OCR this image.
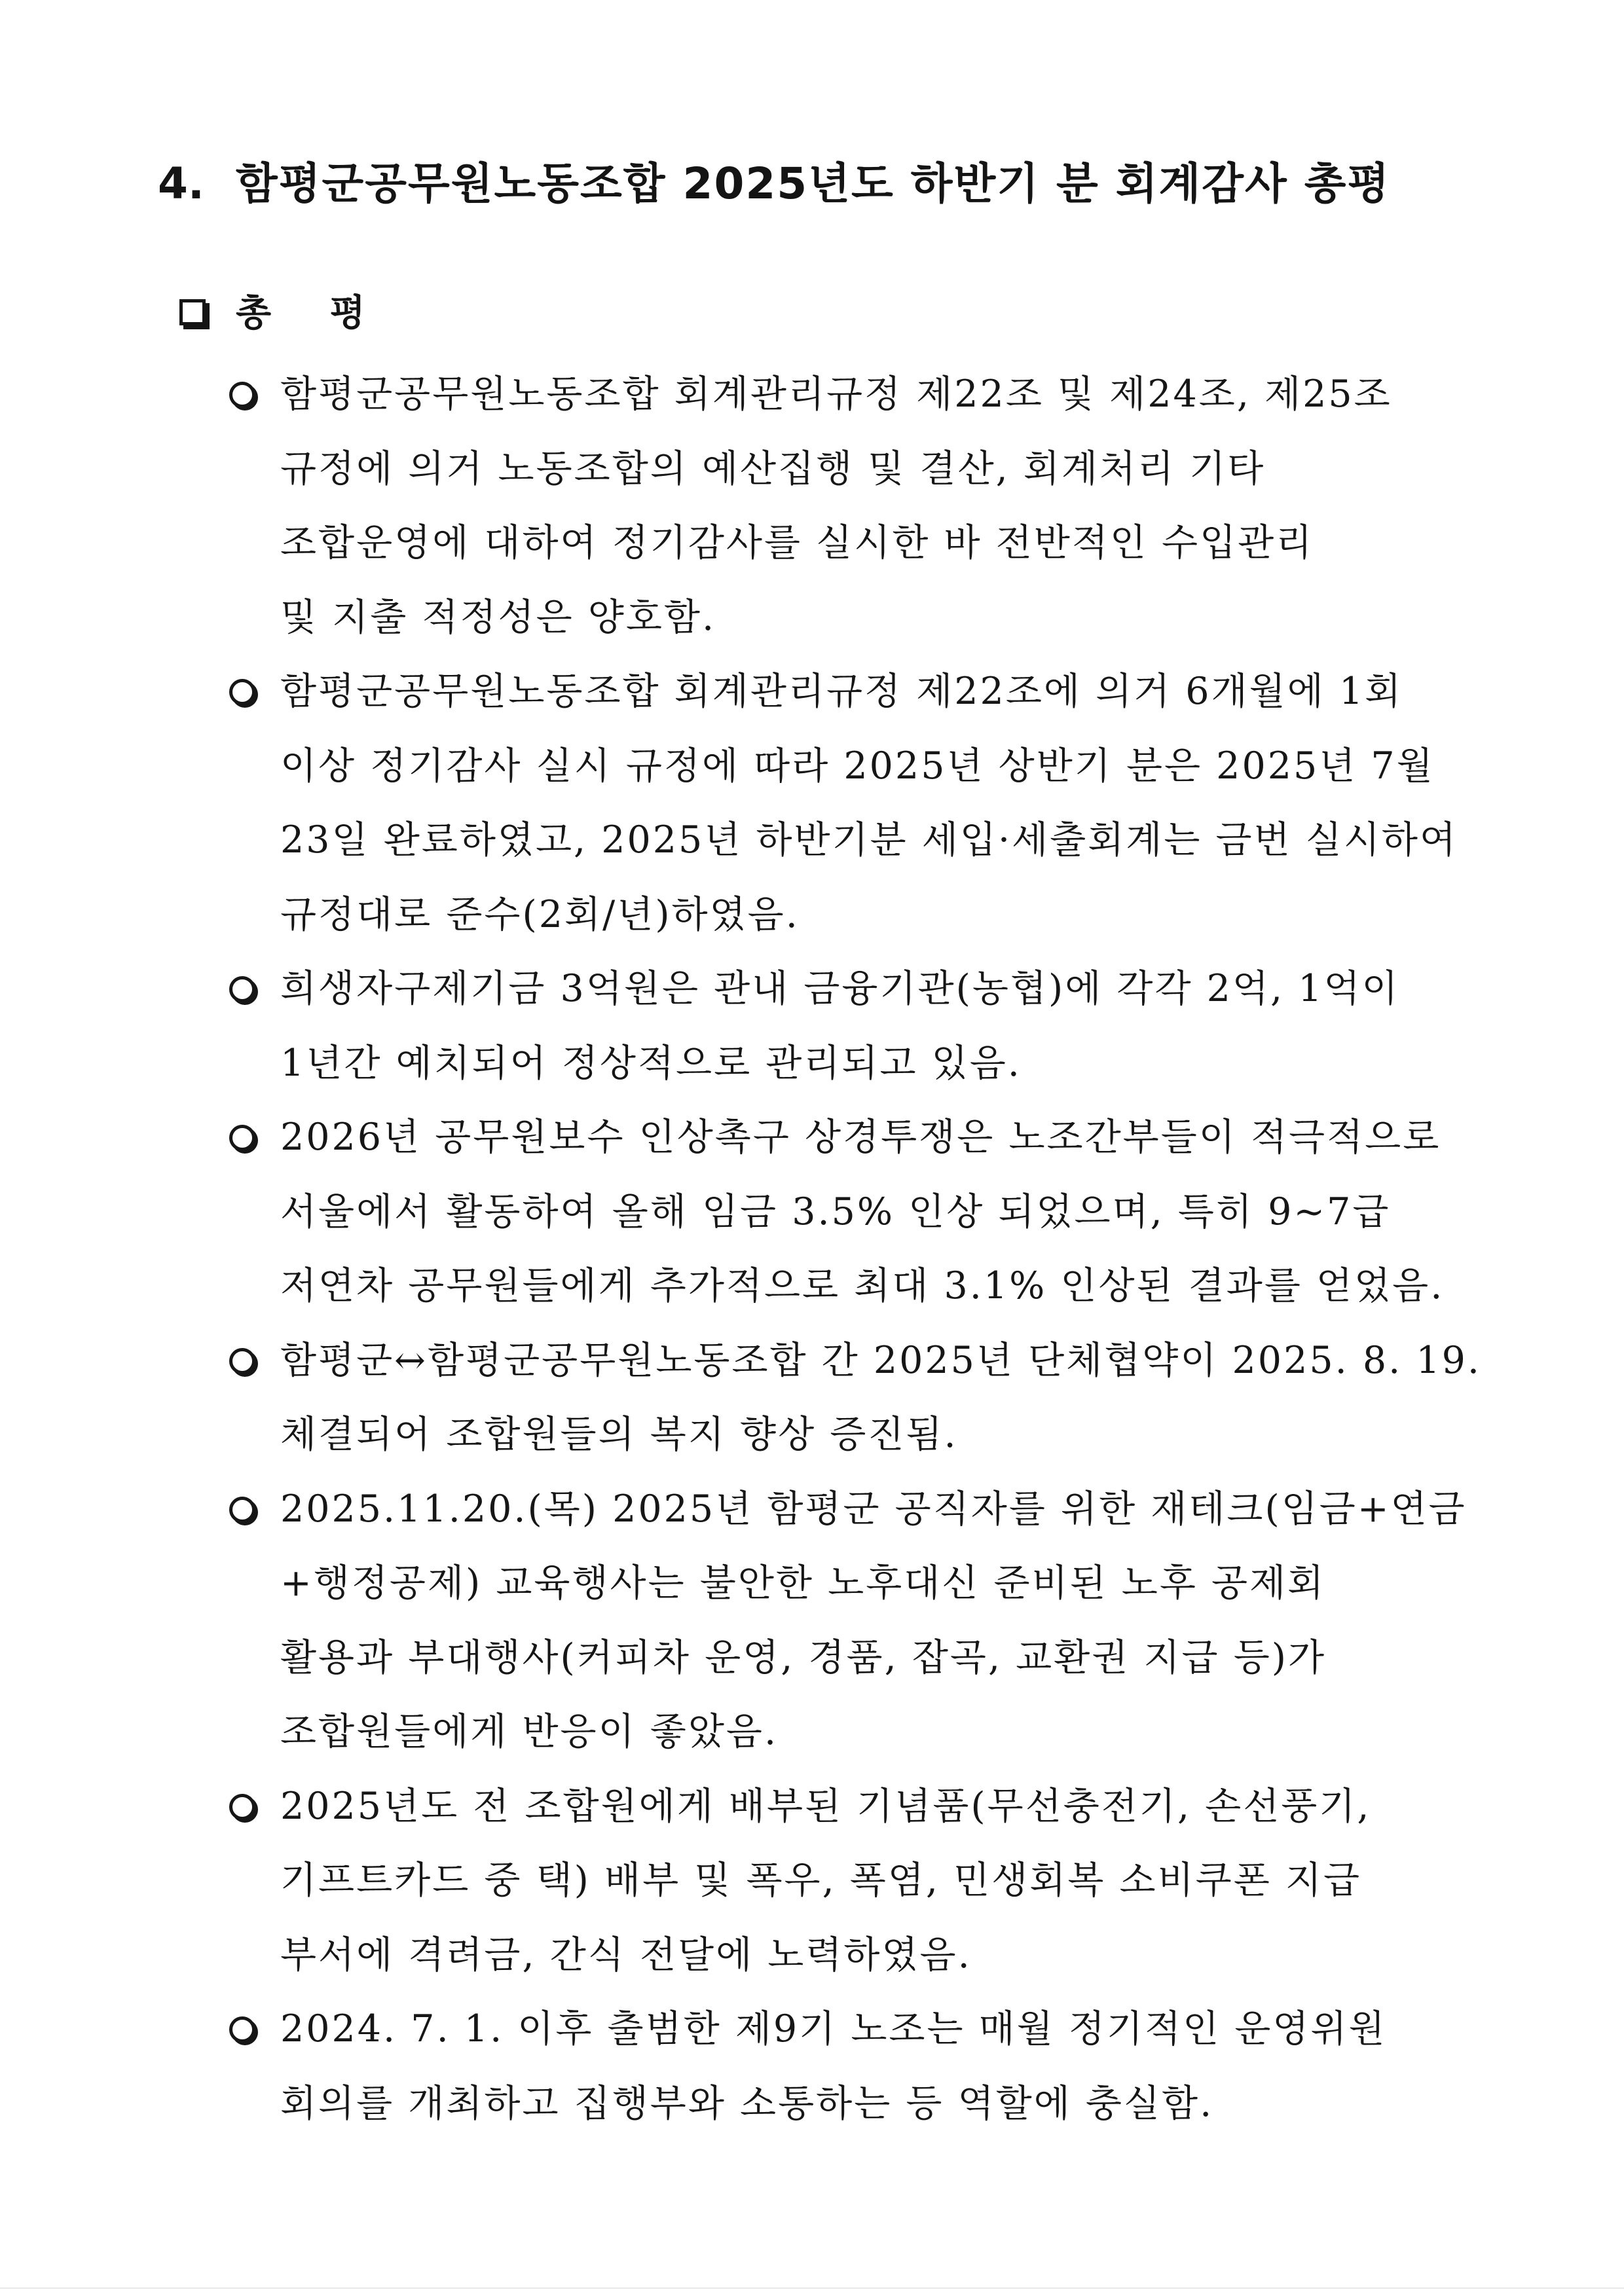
4. 함평군공무원노동조합 2025년도 하반기 분 회계감사 총평
총 평
함평군공무원노동조합 회계관리규정 제22조 및 제24조, 제25조
규정에 의거 노동조합의 예산집행 및 결산, 회계처리 기타
조합운영에 대하여 정기감사를 실시한 바 전반적인 수입관리
및 지출 적정성은 양호함.
함평군공무원노동조합 회계관리규정 제22조에 의거 6개월에 1회
이상 정기감사 실시 규정에 따라 2025년 상반기 분은 2025년 7월
23일 완료하였고, 2025년 하반기분 세입·세출회계는 금번 실시하여
규정대로 준수(2회/년)하였음.
희생자구제기금 3억원은 관내 금융기관(농협)에 각각 2억, 1억이
1년간 예치되어 정상적으로 관리되고 있음.
2026년 공무원보수 인상촉구 상경투쟁은 노조간부들이 적극적으로
서울에서 활동하여 올해 임금 3.5% 인상 되었으며, 특히 9~7급
저연차 공무원들에게 추가적으로 최대 3.1% 인상된 결과를 얻었음.
함평군↔함평군공무원노동조합 간 2025년 단체협약이 2025. 8. 19.
체결되어 조합원들의 복지 향상 증진됨.
2025.11.20.(목) 2025년 함평군 공직자를 위한 재테크(임금+연금
+행정공제) 교육행사는 불안한 노후대신 준비된 노후 공제회
활용과 부대행사(커피차 운영, 경품, 잡곡, 교환권 지급 등)가
조합원들에게 반응이 좋았음.
2025년도 전 조합원에게 배부된 기념품(무선충전기, 손선풍기,
기프트카드 중 택) 배부 및 폭우, 폭염, 민생회복 소비쿠폰 지급
부서에 격려금, 간식 전달에 노력하였음.
2024. 7. 1. 이후 출범한 제9기 노조는 매월 정기적인 운영위원
회의를 개최하고 집행부와 소통하는 등 역할에 충실함.
